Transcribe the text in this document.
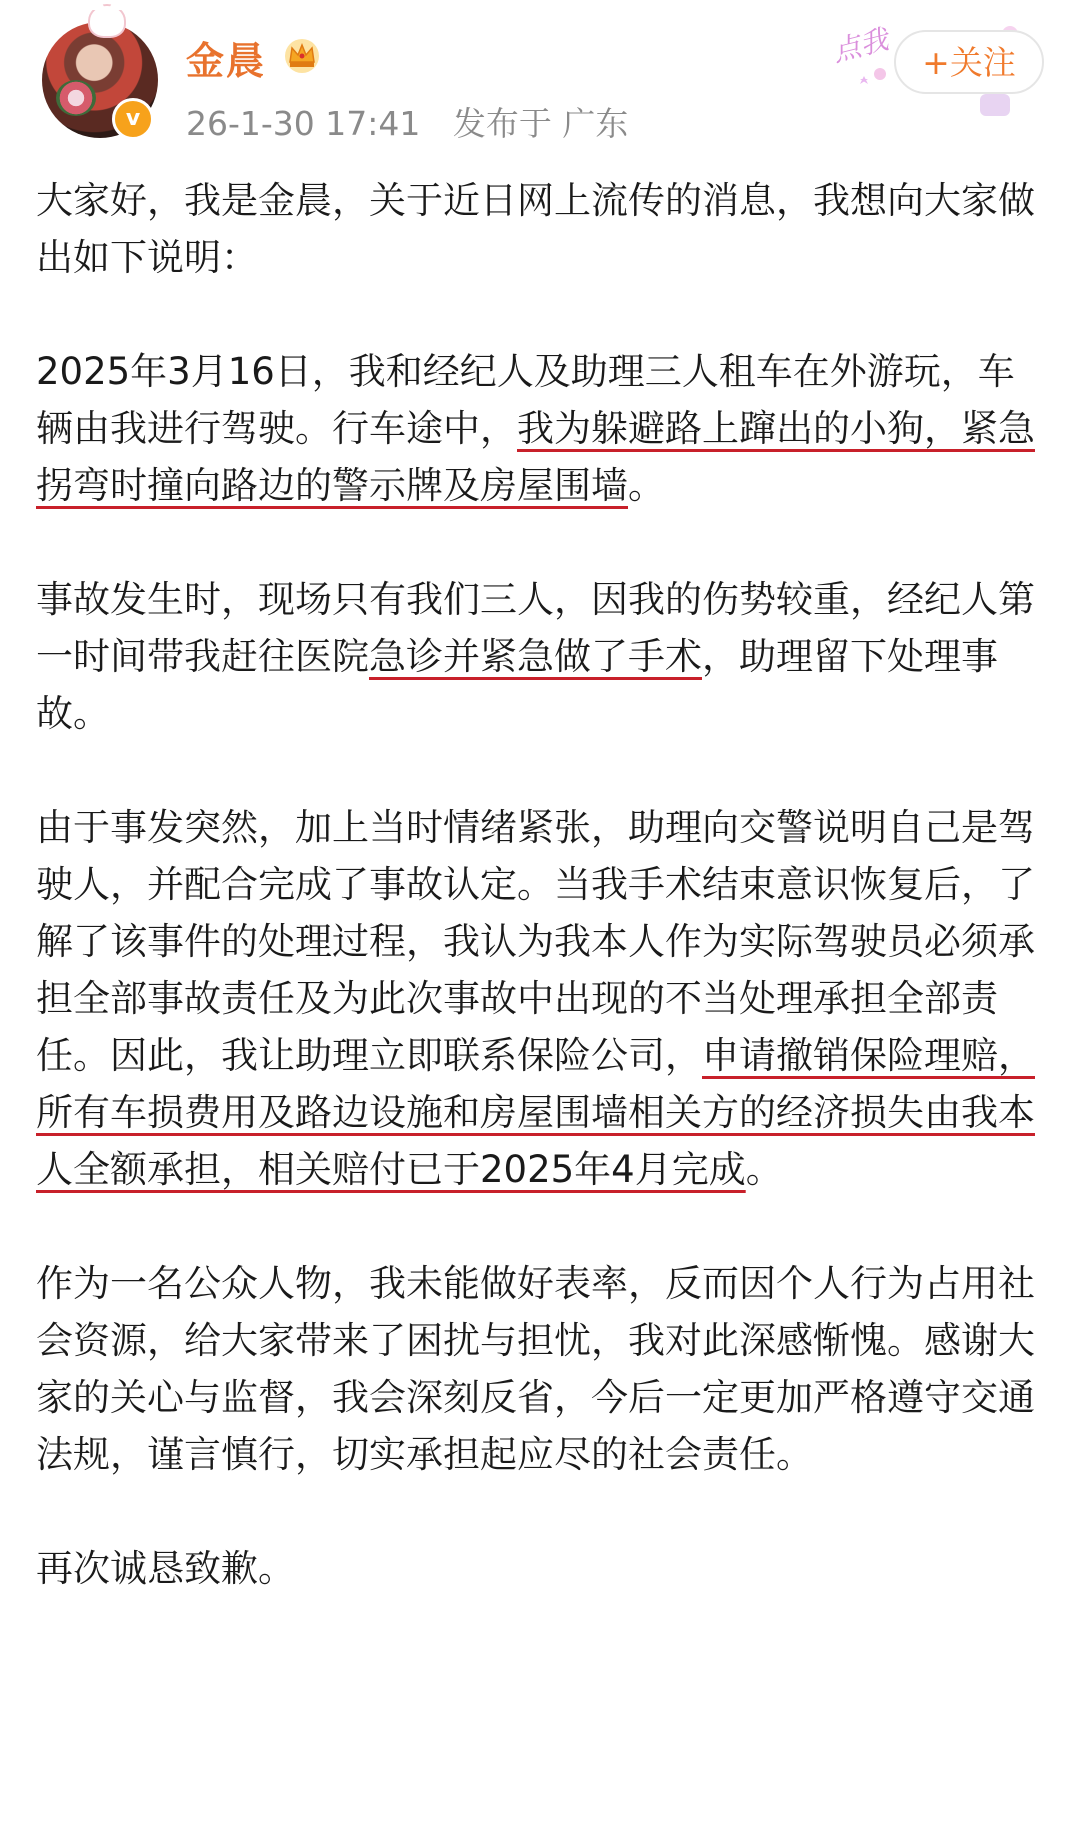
v
金晨
26-1-30 17:41 发布于 广东
点我 +关注

大家好，我是金晨，关于近日网上流传的消息，我想向大家做出如下说明：

2025年3月16日，我和经纪人及助理三人租车在外游玩，车辆由我进行驾驶。行车途中，我为躲避路上蹿出的小狗，紧急拐弯时撞向路边的警示牌及房屋围墙。

事故发生时，现场只有我们三人，因我的伤势较重，经纪人第一时间带我赶往医院急诊并紧急做了手术，助理留下处理事故。

由于事发突然，加上当时情绪紧张，助理向交警说明自己是驾驶人，并配合完成了事故认定。当我手术结束意识恢复后，了解了该事件的处理过程，我认为我本人作为实际驾驶员必须承担全部事故责任及为此次事故中出现的不当处理承担全部责任。因此，我让助理立即联系保险公司，申请撤销保险理赔，所有车损费用及路边设施和房屋围墙相关方的经济损失由我本人全额承担，相关赔付已于2025年4月完成。

作为一名公众人物，我未能做好表率，反而因个人行为占用社会资源，给大家带来了困扰与担忧，我对此深感惭愧。感谢大家的关心与监督，我会深刻反省，今后一定更加严格遵守交通法规，谨言慎行，切实承担起应尽的社会责任。

再次诚恳致歉。
